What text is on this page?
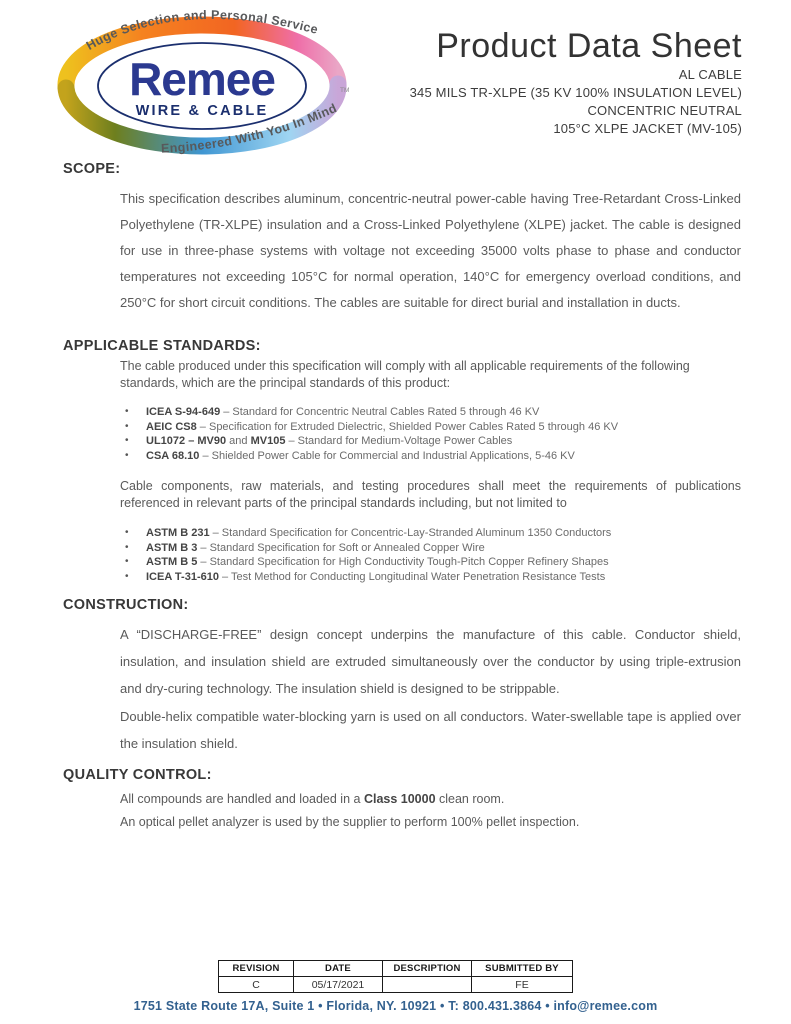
Remee
WIRE & CABLE
Huge Selection and Personal Service
Engineered With You In Mind
TM
Product Data Sheet
AL CABLE
345 MILS TR-XLPE (35 KV 100% INSULATION LEVEL)
CONCENTRIC NEUTRAL
105°C XLPE JACKET (MV-105)
SCOPE:
This specification describes aluminum, concentric-neutral power-cable having Tree-Retardant Cross-Linked Polyethylene (TR-XLPE) insulation and a Cross-Linked Polyethylene (XLPE) jacket. The cable is designed for use in three-phase systems with voltage not exceeding 35000 volts phase to phase and conductor temperatures not exceeding 105°C for normal operation, 140°C for emergency overload conditions, and 250°C for short circuit conditions. The cables are suitable for direct burial and installation in ducts.
APPLICABLE STANDARDS:
The cable produced under this specification will comply with all applicable requirements of the following standards, which are the principal standards of this product:
• ICEA S-94-649 – Standard for Concentric Neutral Cables Rated 5 through 46 KV
• AEIC CS8 – Specification for Extruded Dielectric, Shielded Power Cables Rated 5 through 46 KV
• UL1072 – MV90 and MV105 – Standard for Medium-Voltage Power Cables
• CSA 68.10 – Shielded Power Cable for Commercial and Industrial Applications, 5-46 KV
Cable components, raw materials, and testing procedures shall meet the requirements of publications referenced in relevant parts of the principal standards including, but not limited to
• ASTM B 231 – Standard Specification for Concentric-Lay-Stranded Aluminum 1350 Conductors
• ASTM B 3 – Standard Specification for Soft or Annealed Copper Wire
• ASTM B 5 – Standard Specification for High Conductivity Tough-Pitch Copper Refinery Shapes
• ICEA T-31-610 – Test Method for Conducting Longitudinal Water Penetration Resistance Tests
CONSTRUCTION:
A “DISCHARGE-FREE” design concept underpins the manufacture of this cable. Conductor shield, insulation, and insulation shield are extruded simultaneously over the conductor by using triple-extrusion and dry-curing technology. The insulation shield is designed to be strippable.
Double-helix compatible water-blocking yarn is used on all conductors. Water-swellable tape is applied over the insulation shield.
QUALITY CONTROL:
All compounds are handled and loaded in a Class 10000 clean room.
An optical pellet analyzer is used by the supplier to perform 100% pellet inspection.
REVISION	DATE	DESCRIPTION	SUBMITTED BY
C	05/17/2021		FE
1751 State Route 17A, Suite 1 • Florida, NY. 10921 • T: 800.431.3864 • info@remee.com
